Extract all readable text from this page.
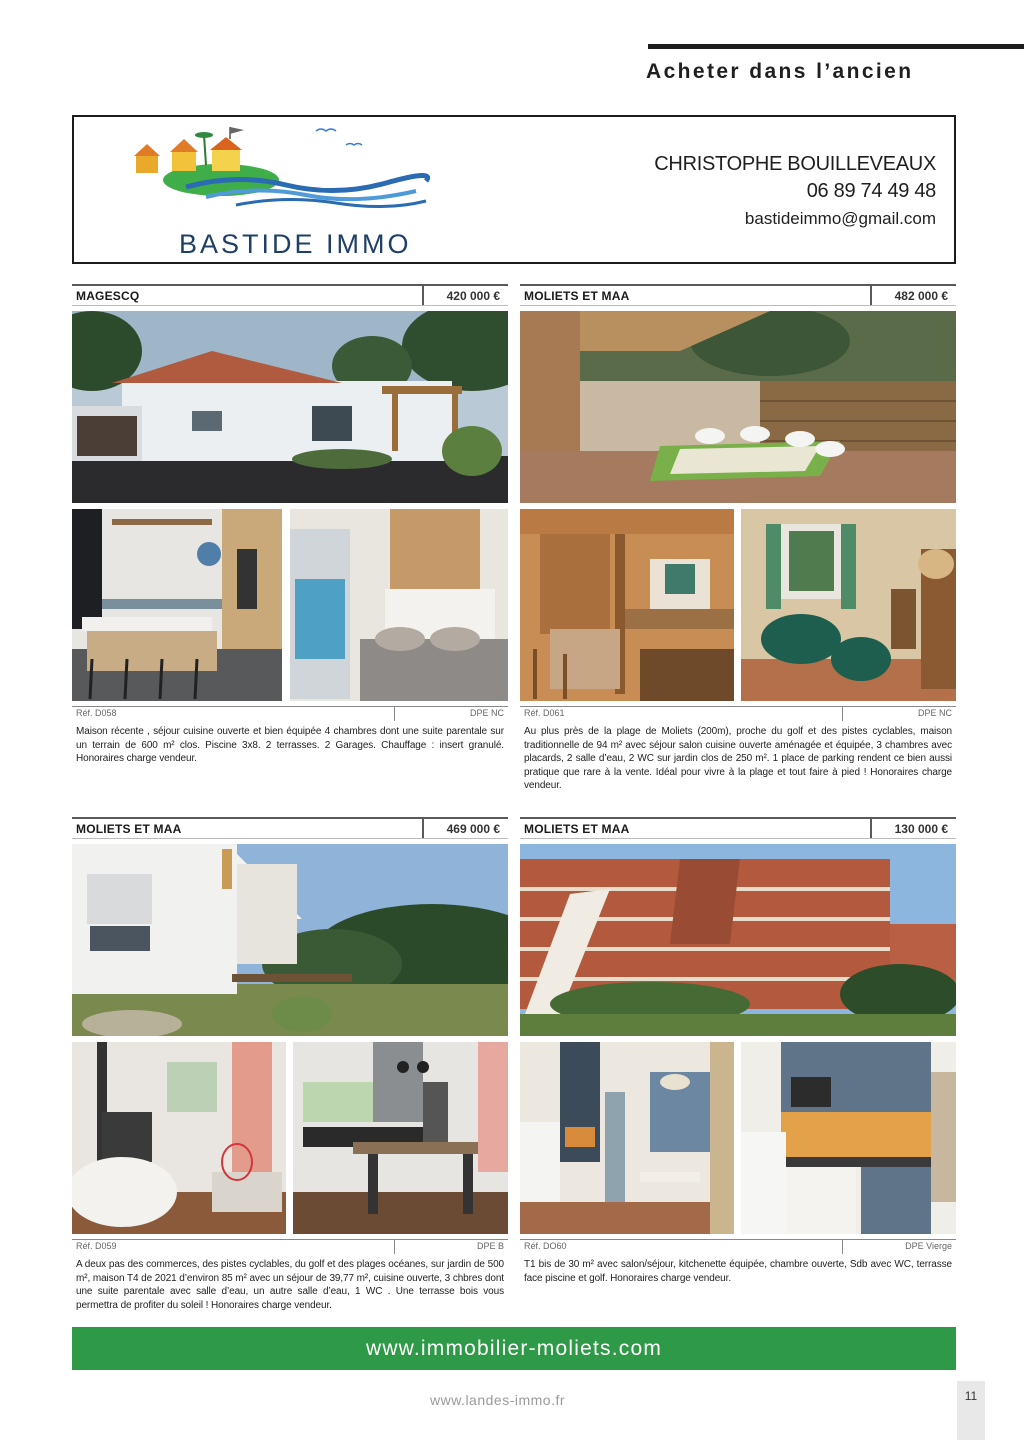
Acheter dans l’ancien
BASTIDE IMMO
CHRISTOPHE BOUILLEVEAUX
06 89 74 49 48
bastideimmo@gmail.com
MAGESCQ	420 000 €
Réf. D058	DPE NC
Maison récente , séjour cuisine ouverte et bien équipée 4 chambres dont une suite parentale sur un terrain de 600 m² clos. Piscine 3x8. 2 terrasses. 2 Garages. Chauffage : insert granulé. Honoraires charge vendeur.
MOLIETS ET MAA	482 000 €
Réf. D061	DPE NC
Au plus près de la plage de Moliets (200m), proche du golf et des pistes cyclables, maison traditionnelle de 94 m² avec séjour salon cuisine ouverte aménagée et équipée, 3 chambres avec placards, 2 salle d’eau, 2 WC sur jardin clos de 250 m². 1 place de parking rendent ce bien aussi pratique que rare à la vente. Idéal pour vivre à la plage et tout faire à pied ! Honoraires charge vendeur.
MOLIETS ET MAA	469 000 €
Réf. D059	DPE B
A deux pas des commerces, des pistes cyclables, du golf et des plages océanes, sur jardin de 500 m², maison T4 de 2021 d’environ 85 m² avec un séjour de 39,77 m², cuisine ouverte, 3 chbres dont une suite parentale avec salle d’eau, un autre salle d’eau, 1 WC . Une terrasse bois vous permettra de profiter du soleil ! Honoraires charge vendeur.
MOLIETS ET MAA	130 000 €
Réf. DO60	DPE Vierge
T1 bis de 30 m² avec salon/séjour, kitchenette équipée, chambre ouverte, Sdb avec WC, terrasse face piscine et golf. Honoraires charge vendeur.
www.immobilier-moliets.com
www.landes-immo.fr	11
